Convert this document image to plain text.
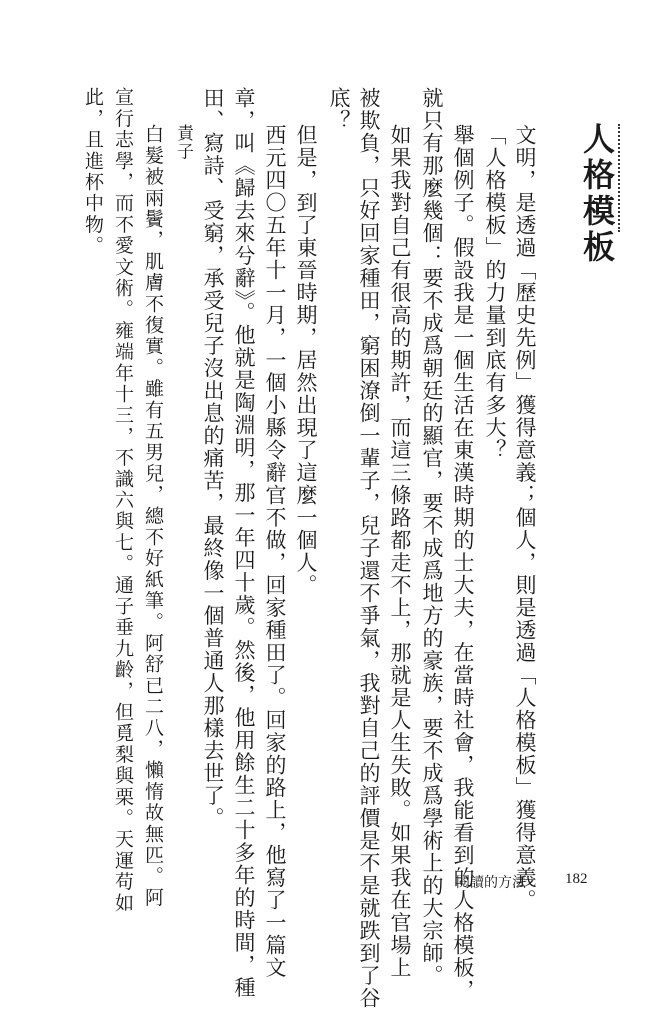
人格模板
文明，是透過「歷史先例」獲得意義；個人，則是透過「人格模板」獲得意義。
「人格模板」的力量到底有多大？
舉個例子。假設我是一個生活在東漢時期的士大夫，在當時社會，我能看到的人格模板，
就只有那麼幾個：要不成爲朝廷的顯官，要不成爲地方的豪族，要不成爲學術上的大宗師。
如果我對自己有很高的期許，而這三條路都走不上，那就是人生失敗。如果我在官場上
被欺負，只好回家種田，窮困潦倒一輩子，兒子還不爭氣，我對自己的評價是不是就跌到了谷
底？
但是，到了東晉時期，居然出現了這麼一個人。
西元四〇五年十一月，一個小縣令辭官不做，回家種田了。回家的路上，他寫了一篇文
章，叫《歸去來兮辭》。他就是陶淵明，那一年四十歲。然後，他用餘生二十多年的時間，種
田、寫詩、受窮，承受兒子沒出息的痛苦，最終像一個普通人那樣去世了。
責子
白髮被兩鬢，肌膚不復實。雖有五男兒，總不好紙筆。阿舒已二八，懶惰故無匹。阿
宣行志學，而不愛文術。雍端年十三，不識六與七。通子垂九齡，但覓梨與栗。天運苟如
此，且進杯中物。
閱讀的方法	182
